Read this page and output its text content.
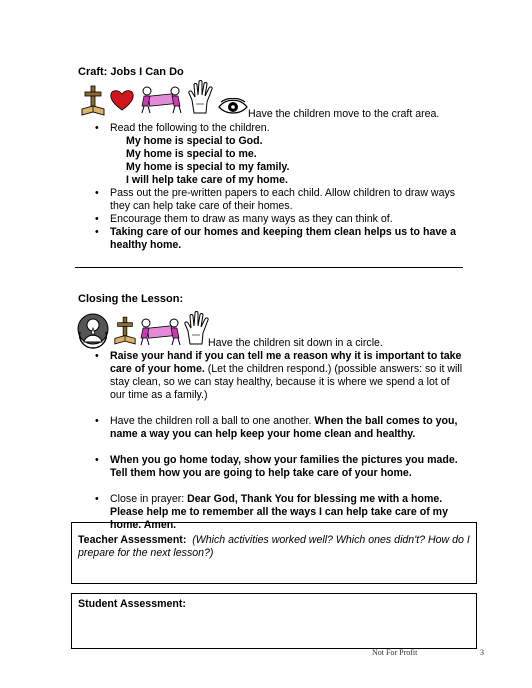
Craft: Jobs I Can Do
Have the children move to the craft area.
• Read the following to the children.
My home is special to God.
My home is special to me.
My home is special to my family.
I will help take care of my home.
• Pass out the pre-written papers to each child. Allow children to draw ways they can help take care of their homes.
• Encourage them to draw as many ways as they can think of.
• Taking care of our homes and keeping them clean helps us to have a healthy home.
Closing the Lesson:
Have the children sit down in a circle.
• Raise your hand if you can tell me a reason why it is important to take care of your home. (Let the children respond.) (possible answers: so it will stay clean, so we can stay healthy, because it is where we spend a lot of our time as a family.)
• Have the children roll a ball to one another. When the ball comes to you, name a way you can help keep your home clean and healthy.
• When you go home today, show your families the pictures you made. Tell them how you are going to help take care of your home.
• Close in prayer: Dear God, Thank You for blessing me with a home. Please help me to remember all the ways I can help take care of my home. Amen.
Teacher Assessment: (Which activities worked well? Which ones didn't? How do I prepare for the next lesson?)
Student Assessment:
Not For Profit	3
